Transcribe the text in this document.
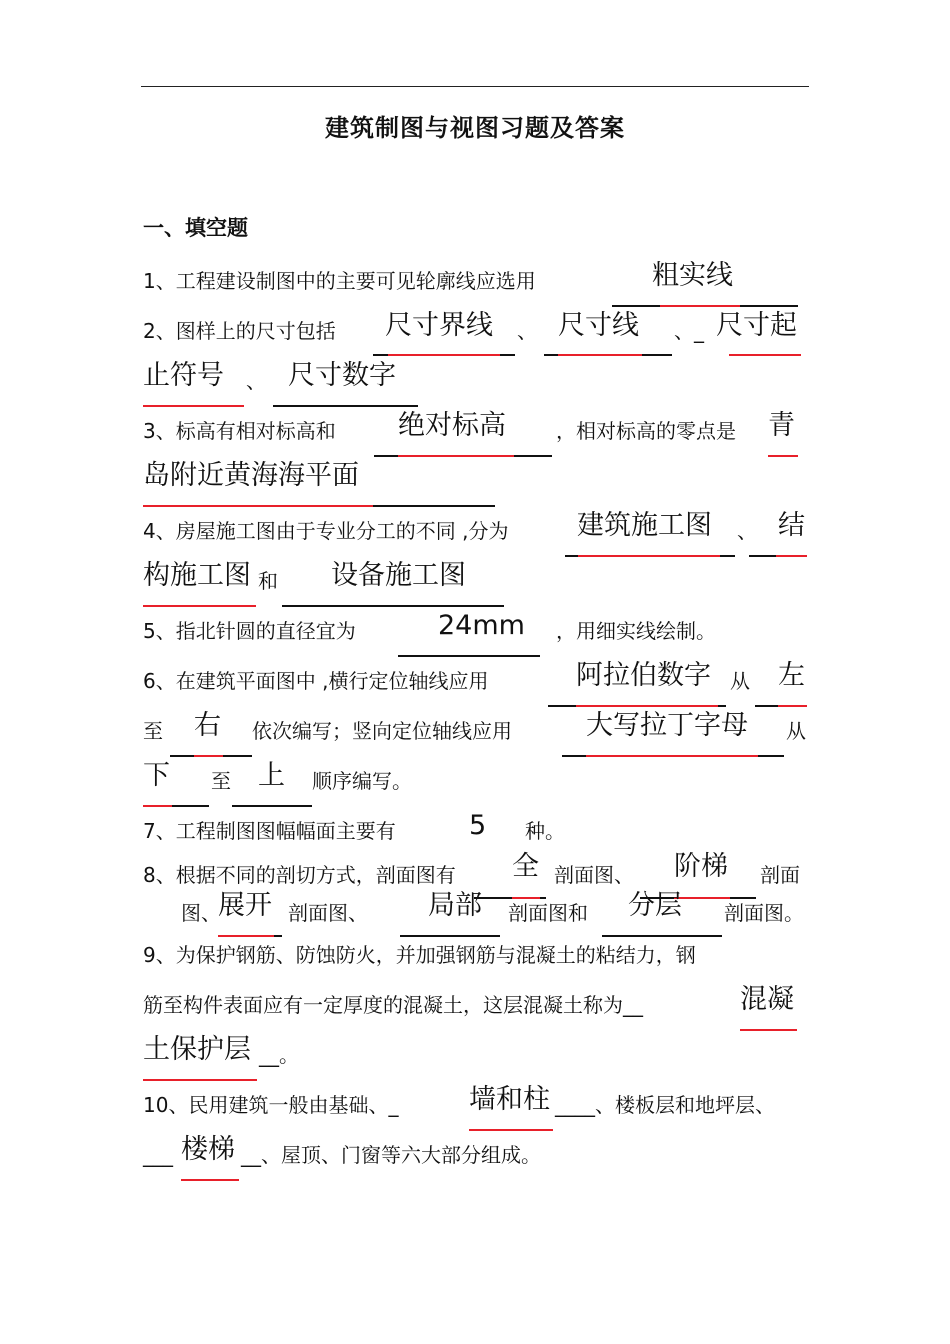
建筑制图与视图习题及答案
一、填空题
1、工程建设制图中的主要可见轮廓线应选用	粗实线
2、图样上的尺寸包括 尺寸界线 、 尺寸线 、_ 尺寸起
止符号 、 尺寸数字
3、标高有相对标高和 绝对标高	，相对标高的零点是 青
岛附近黄海海平面
4、房屋施工图由于专业分工的不同 ,分为	建筑施工图 、 结
构施工图 和 设备施工图
5、指北针圆的直径宜为	24mm ，用细实线绘制。
6、在建筑平面图中 ,横行定位轴线应用	阿拉伯数字 从 左
至 右 依次编写；竖向定位轴线应用	大写拉丁字母 从
下 至 上 顺序编写。
7、工程制图图幅幅面主要有	5 种。
8、根据不同的剖切方式，剖面图有 全 剖面图、 阶梯 剖面
图、
展开 剖面图、 局部 剖面图和 分层 剖面图。
9、为保护钢筋、防蚀防火，并加强钢筋与混凝土的粘结力，钢
筋至构件表面应有一定厚度的混凝土，这层混凝土称为__	混凝
土保护层 __。
10、民用建筑一般由基础、_	墙和柱 ____、楼板层和地坪层、
___ 楼梯 __、屋顶、门窗等六大部分组成。
